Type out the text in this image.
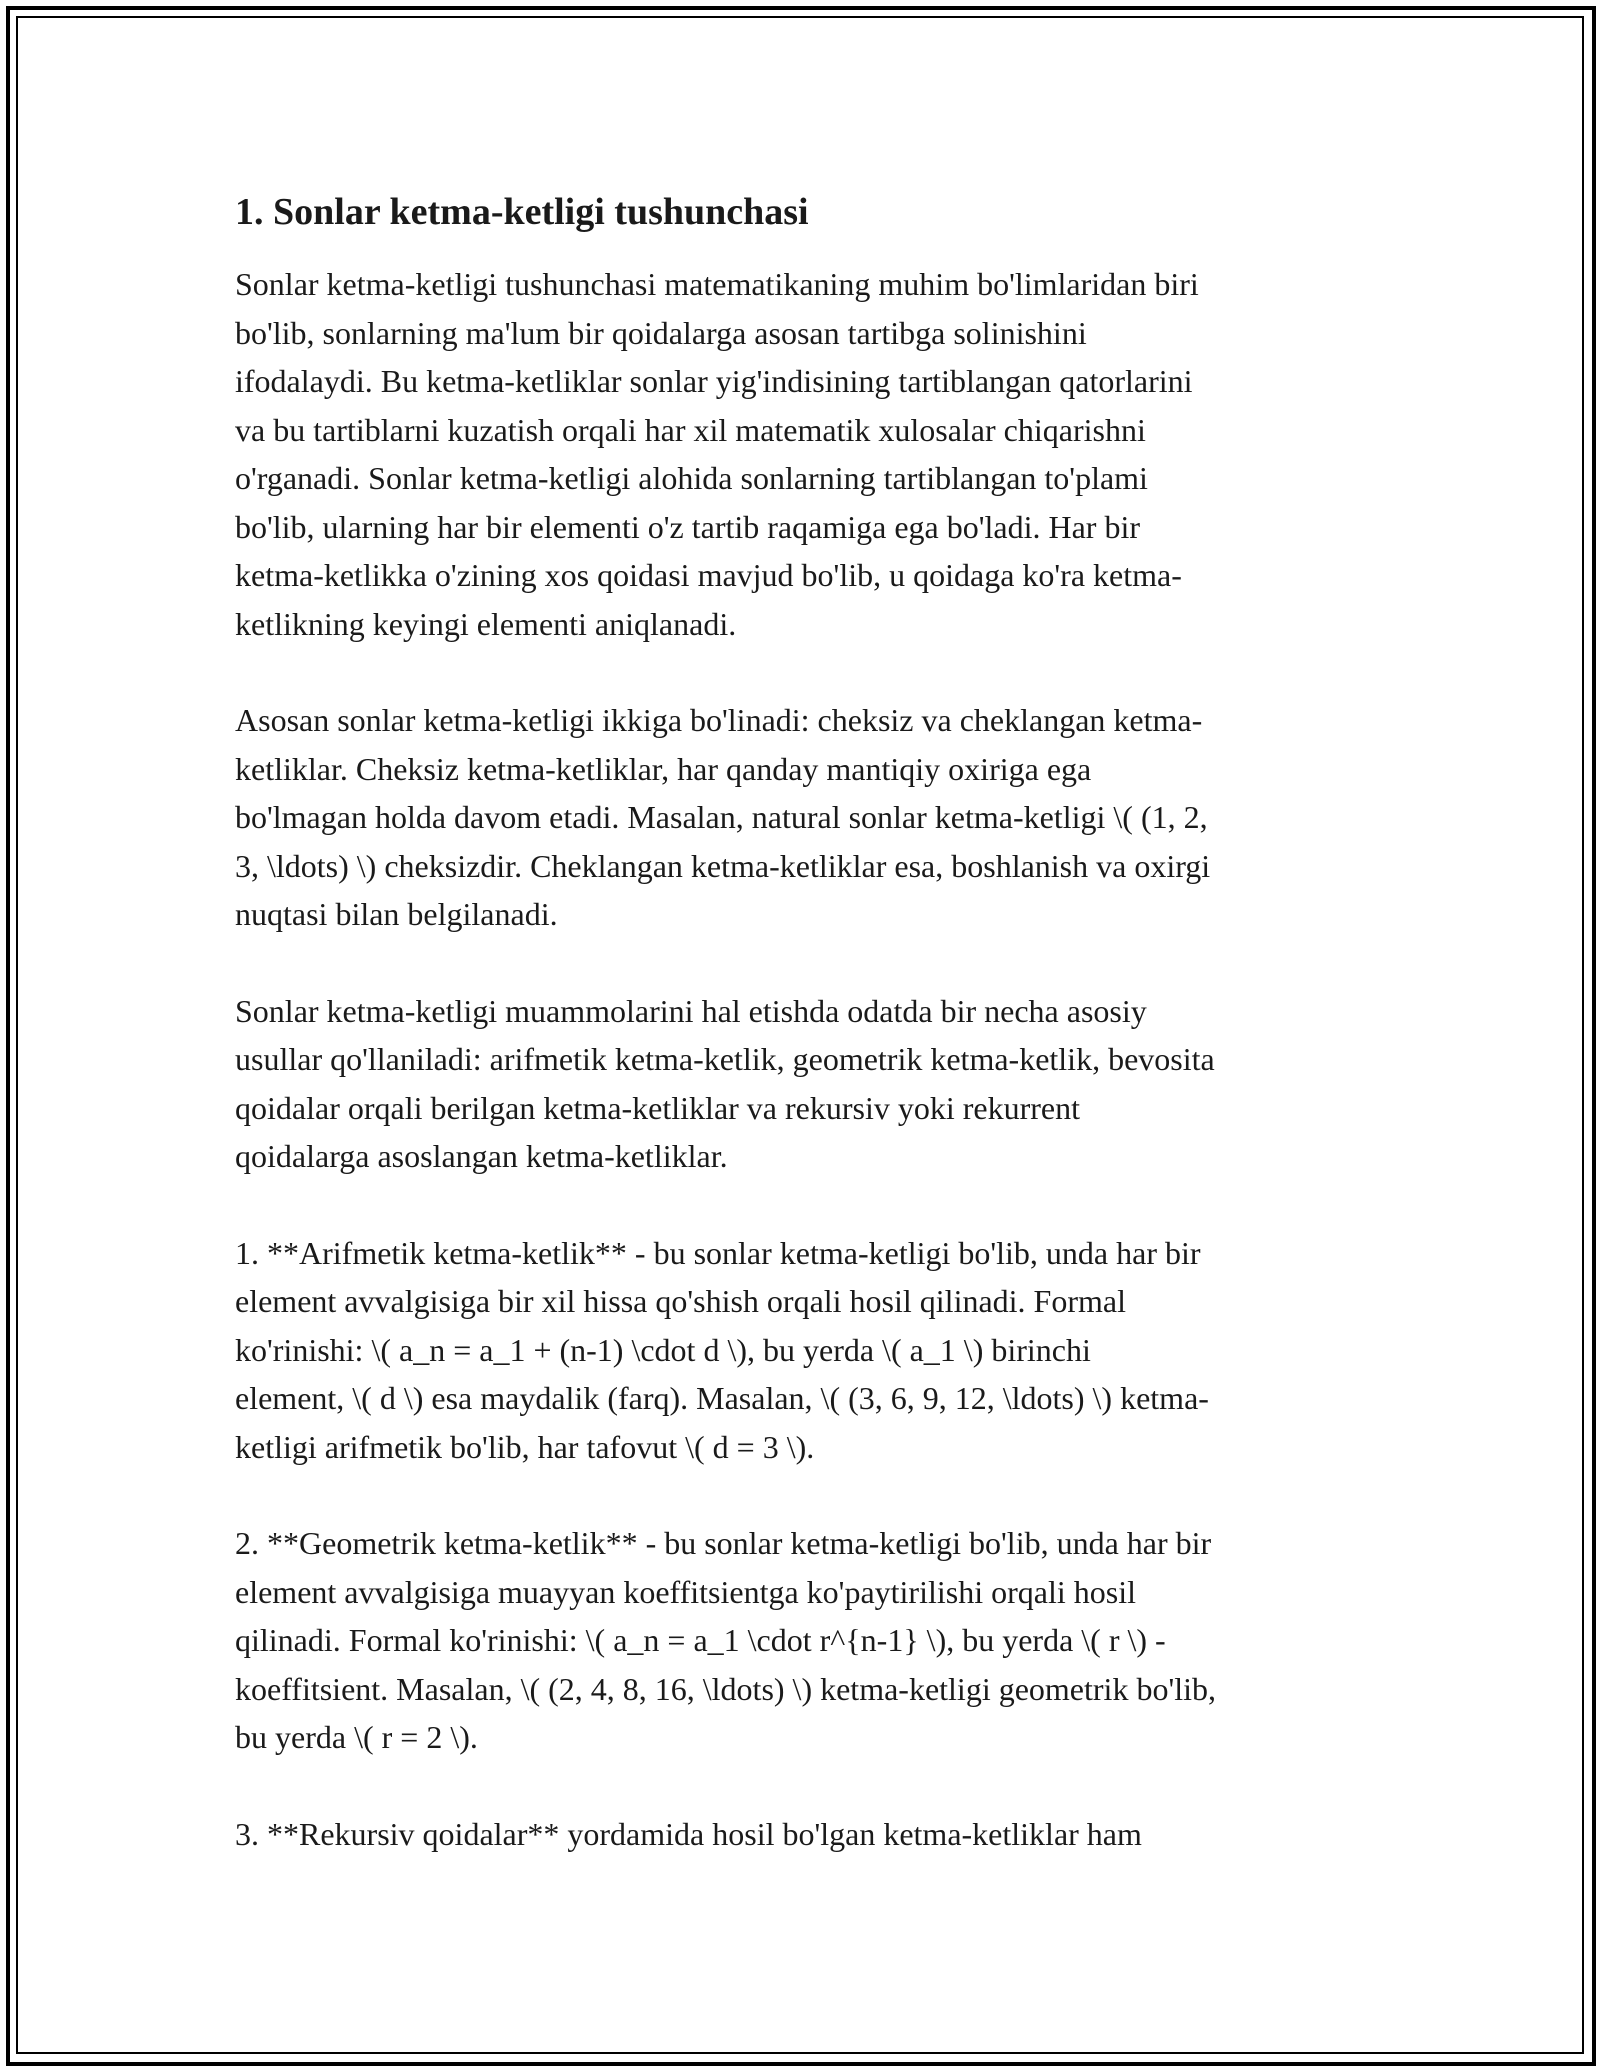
1. Sonlar ketma-ketligi tushunchasi
Sonlar ketma-ketligi tushunchasi matematikaning muhim bo'limlaridan biri
bo'lib, sonlarning ma'lum bir qoidalarga asosan tartibga solinishini
ifodalaydi. Bu ketma-ketliklar sonlar yig'indisining tartiblangan qatorlarini
va bu tartiblarni kuzatish orqali har xil matematik xulosalar chiqarishni
o'rganadi. Sonlar ketma-ketligi alohida sonlarning tartiblangan to'plami
bo'lib, ularning har bir elementi o'z tartib raqamiga ega bo'ladi. Har bir
ketma-ketlikka o'zining xos qoidasi mavjud bo'lib, u qoidaga ko'ra ketma-
ketlikning keyingi elementi aniqlanadi.
Asosan sonlar ketma-ketligi ikkiga bo'linadi: cheksiz va cheklangan ketma-
ketliklar. Cheksiz ketma-ketliklar, har qanday mantiqiy oxiriga ega
bo'lmagan holda davom etadi. Masalan, natural sonlar ketma-ketligi \( (1, 2,
3, \ldots) \) cheksizdir. Cheklangan ketma-ketliklar esa, boshlanish va oxirgi
nuqtasi bilan belgilanadi.
Sonlar ketma-ketligi muammolarini hal etishda odatda bir necha asosiy
usullar qo'llaniladi: arifmetik ketma-ketlik, geometrik ketma-ketlik, bevosita
qoidalar orqali berilgan ketma-ketliklar va rekursiv yoki rekurrent
qoidalarga asoslangan ketma-ketliklar.
1. **Arifmetik ketma-ketlik** - bu sonlar ketma-ketligi bo'lib, unda har bir
element avvalgisiga bir xil hissa qo'shish orqali hosil qilinadi. Formal
ko'rinishi: \( a_n = a_1 + (n-1) \cdot d \), bu yerda \( a_1 \) birinchi
element, \( d \) esa maydalik (farq). Masalan, \( (3, 6, 9, 12, \ldots) \) ketma-
ketligi arifmetik bo'lib, har tafovut \( d = 3 \).
2. **Geometrik ketma-ketlik** - bu sonlar ketma-ketligi bo'lib, unda har bir
element avvalgisiga muayyan koeffitsientga ko'paytirilishi orqali hosil
qilinadi. Formal ko'rinishi: \( a_n = a_1 \cdot r^{n-1} \), bu yerda \( r \) -
koeffitsient. Masalan, \( (2, 4, 8, 16, \ldots) \) ketma-ketligi geometrik bo'lib,
bu yerda \( r = 2 \).
3. **Rekursiv qoidalar** yordamida hosil bo'lgan ketma-ketliklar ham
